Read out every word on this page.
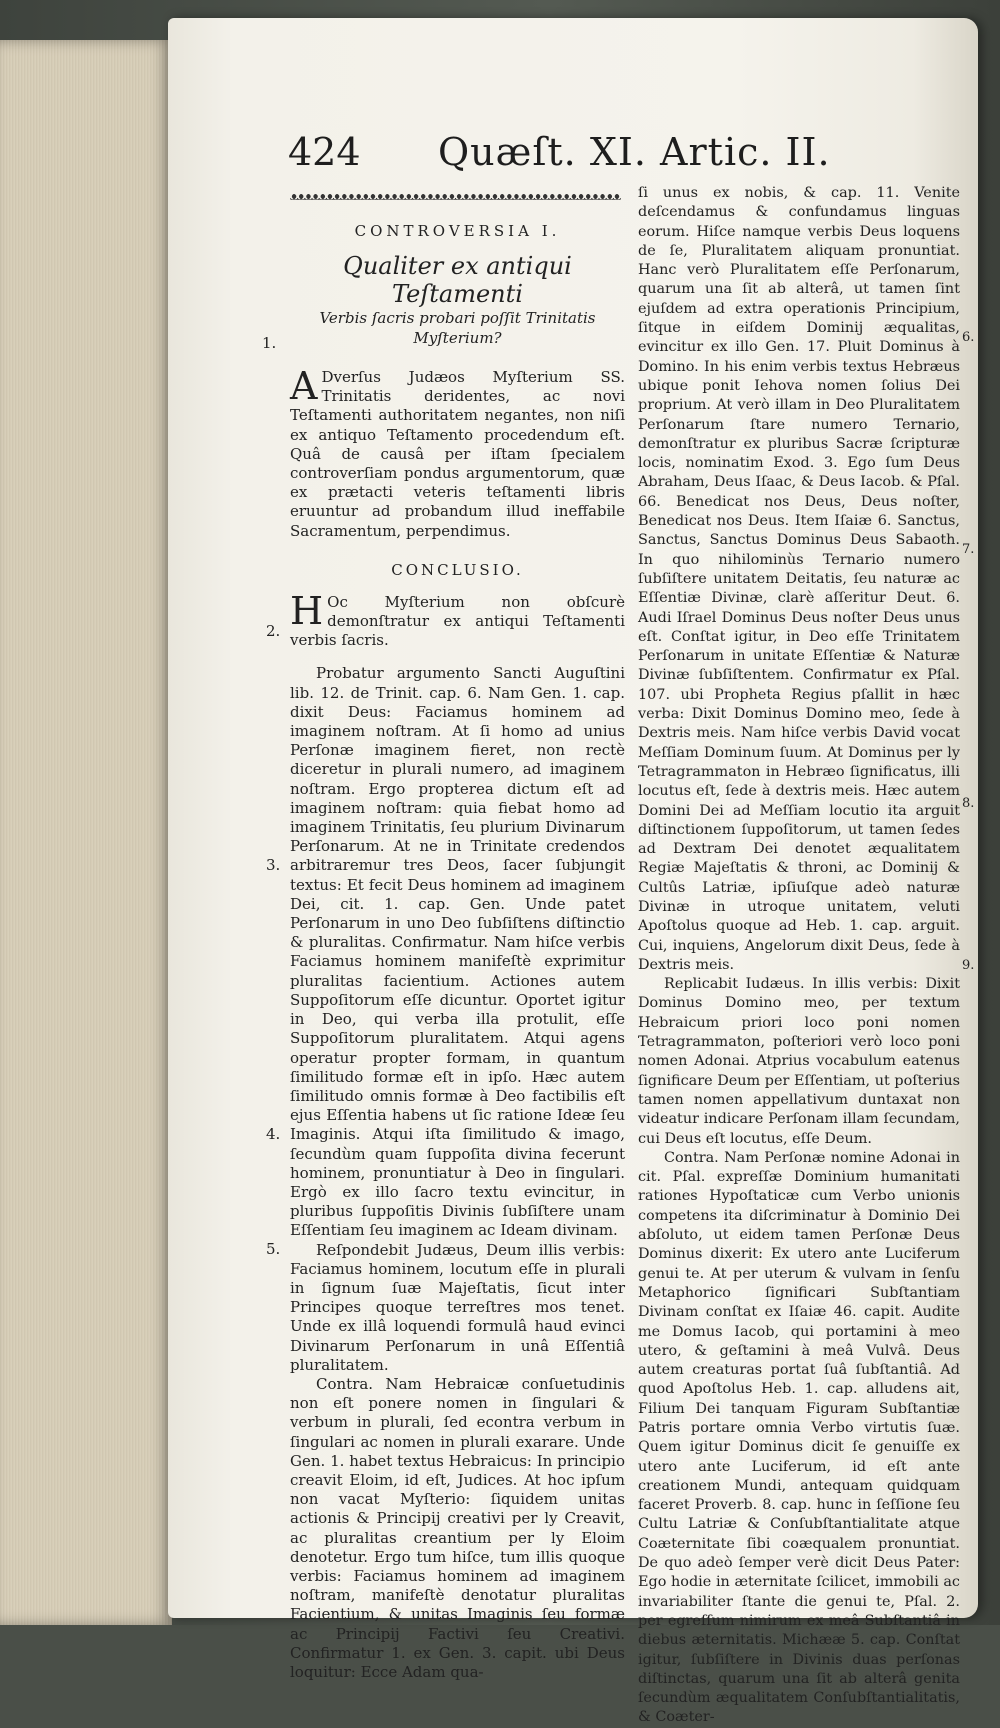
424 Quæſt. XI. Artic. II.
1.
2.
3.
4.
5.
6.
7.
8.
9.
ᴥᴥᴥᴥᴥᴥᴥᴥᴥᴥᴥᴥᴥᴥᴥᴥᴥᴥᴥᴥᴥᴥᴥᴥᴥᴥᴥᴥᴥᴥᴥᴥᴥᴥᴥᴥᴥᴥᴥᴥᴥᴥᴥᴥᴥᴥ
CONTROVERSIA I.
Qualiter ex antiqui Teſtamenti
Verbis ſacris probari poſſit Trinitatis
Myſterium?

A Dverſus Judæos Myſterium SS. Trinitatis deridentes, ac novi Teſtamenti authoritatem negantes, non niſi ex antiquo Teſtamento procedendum eſt. Quâ de causâ per iſtam ſpecialem controverſiam pondus argumentorum, quæ ex prætacti veteris teſtamenti libris eruuntur ad probandum illud ineffabile Sacramentum, perpendimus.

CONCLUSIO.

H Oc Myſterium non obſcurè demonſtratur ex antiqui Teſtamenti verbis ſacris.

Probatur argumento Sancti Auguſtini lib. 12. de Trinit. cap. 6. Nam Gen. 1. cap. dixit Deus: Faciamus hominem ad imaginem noſtram. At ſi homo ad unius Perſonæ imaginem fieret, non rectè diceretur in plurali numero, ad imaginem noſtram. Ergo propterea dictum eſt ad imaginem noſtram: quia fiebat homo ad imaginem Trinitatis, ſeu plurium Divinarum Perſonarum. At ne in Trinitate credendos arbitraremur tres Deos, ſacer ſubjungit textus: Et fecit Deus hominem ad imaginem Dei, cit. 1. cap. Gen. Unde patet Perſonarum in uno Deo ſubſiſtens diſtinctio & pluralitas. Confirmatur. Nam hiſce verbis Faciamus hominem manifeſtè exprimitur pluralitas facientium. Actiones autem Suppoſitorum eſſe dicuntur. Oportet igitur in Deo, qui verba illa protulit, eſſe Suppoſitorum pluralitatem. Atqui agens operatur propter formam, in quantum ſimilitudo formæ eſt in ipſo. Hæc autem ſimilitudo omnis formæ à Deo factibilis eſt ejus Eſſentia habens ut ſic ratione Ideæ ſeu Imaginis. Atqui iſta ſimilitudo & imago, ſecundùm quam ſuppoſita divina fecerunt hominem, pronuntiatur à Deo in ſingulari. Ergò ex illo ſacro textu evincitur, in pluribus ſuppoſitis Divinis ſubſiſtere unam Eſſentiam ſeu imaginem ac Ideam divinam.

Reſpondebit Judæus, Deum illis verbis: Faciamus hominem, locutum eſſe in plurali in ſignum ſuæ Majeſtatis, ſicut inter Principes quoque terreſtres mos tenet. Unde ex illâ loquendi formulâ haud evinci Divinarum Perſonarum in unâ Eſſentiâ pluralitatem.

Contra. Nam Hebraicæ conſuetudinis non eſt ponere nomen in ſingulari & verbum in plurali, ſed econtra verbum in ſingulari ac nomen in plurali exarare. Unde Gen. 1. habet textus Hebraicus: In principio creavit Eloim, id eſt, Judices. At hoc ipſum non vacat Myſterio: ſiquidem unitas actionis & Principij creativi per ly Creavit, ac pluralitas creantium per ly Eloim denotetur. Ergo tum hiſce, tum illis quoque verbis: Faciamus hominem ad imaginem noſtram, manifeſtè denotatur pluralitas Facientium, & unitas Imaginis ſeu formæ ac Principij Factivi ſeu Creativi. Confirmatur 1. ex Gen. 3. capit. ubi Deus loquitur: Ecce Adam qua-

ſi unus ex nobis, & cap. 11. Venite deſcendamus & confundamus linguas eorum. Hiſce namque verbis Deus loquens de ſe, Pluralitatem aliquam pronuntiat. Hanc verò Pluralitatem eſſe Perſonarum, quarum una ſit ab alterâ, ut tamen ſint ejuſdem ad extra operationis Principium, ſitque in eiſdem Dominij æqualitas, evincitur ex illo Gen. 17. Pluit Dominus à Domino. In his enim verbis textus Hebræus ubique ponit Iehova nomen ſolius Dei proprium. At verò illam in Deo Pluralitatem Perſonarum ſtare numero Ternario, demonſtratur ex pluribus Sacræ ſcripturæ locis, nominatim Exod. 3. Ego ſum Deus Abraham, Deus Iſaac, & Deus Iacob. & Pſal. 66. Benedicat nos Deus, Deus noſter, Benedicat nos Deus. Item Iſaiæ 6. Sanctus, Sanctus, Sanctus Dominus Deus Sabaoth. In quo nihilominùs Ternario numero ſubſiſtere unitatem Deitatis, ſeu naturæ ac Eſſentiæ Divinæ, clarè aſſeritur Deut. 6. Audi Iſrael Dominus Deus noſter Deus unus eſt. Conſtat igitur, in Deo eſſe Trinitatem Perſonarum in unitate Eſſentiæ & Naturæ Divinæ ſubſiſtentem. Confirmatur ex Pſal. 107. ubi Propheta Regius pſallit in hæc verba: Dixit Dominus Domino meo, ſede à Dextris meis. Nam hiſce verbis David vocat Meſſiam Dominum ſuum. At Dominus per ly Tetragrammaton in Hebræo ſignificatus, illi locutus eſt, ſede à dextris meis. Hæc autem Domini Dei ad Meſſiam locutio ita arguit diſtinctionem ſuppoſitorum, ut tamen ſedes ad Dextram Dei denotet æqualitatem Regiæ Majeſtatis & throni, ac Dominij & Cultûs Latriæ, ipſiuſque adeò naturæ Divinæ in utroque unitatem, veluti Apoſtolus quoque ad Heb. 1. cap. arguit. Cui, inquiens, Angelorum dixit Deus, ſede à Dextris meis.

Replicabit Iudæus. In illis verbis: Dixit Dominus Domino meo, per textum Hebraicum priori loco poni nomen Tetragrammaton, poſteriori verò loco poni nomen Adonai. Atprius vocabulum eatenus ſignificare Deum per Eſſentiam, ut poſterius tamen nomen appellativum duntaxat non videatur indicare Perſonam illam ſecundam, cui Deus eſt locutus, eſſe Deum.

Contra. Nam Perſonæ nomine Adonai in cit. Pſal. expreſſæ Dominium humanitati rationes Hypoſtaticæ cum Verbo unionis competens ita diſcriminatur à Dominio Dei abſoluto, ut eidem tamen Perſonæ Deus Dominus dixerit: Ex utero ante Luciferum genui te. At per uterum & vulvam in ſenſu Metaphorico ſignificari Subſtantiam Divinam conſtat ex Iſaiæ 46. capit. Audite me Domus Iacob, qui portamini à meo utero, & geſtamini à meâ Vulvâ. Deus autem creaturas portat ſuâ ſubſtantiâ. Ad quod Apoſtolus Heb. 1. cap. alludens ait, Filium Dei tanquam Figuram Subſtantiæ Patris portare omnia Verbo virtutis ſuæ. Quem igitur Dominus dicit ſe genuiſſe ex utero ante Luciferum, id eſt ante creationem Mundi, antequam quidquam faceret Proverb. 8. cap. hunc in ſeſſione ſeu Cultu Latriæ & Conſubſtantialitate atque Coæternitate ſibi coæqualem pronuntiat. De quo adeò ſemper verè dicit Deus Pater: Ego hodie in æternitate ſcilicet, immobili ac invariabiliter ſtante die genui te, Pſal. 2. per egreſſum nimirum ex meâ Subſtantiâ in diebus æternitatis. Michææ 5. cap. Conſtat igitur, ſubſiſtere in Divinis duas perſonas diſtinctas, quarum una ſit ab alterâ genita ſecundùm æqualitatem Conſubſtantialitatis, & Coæter-
